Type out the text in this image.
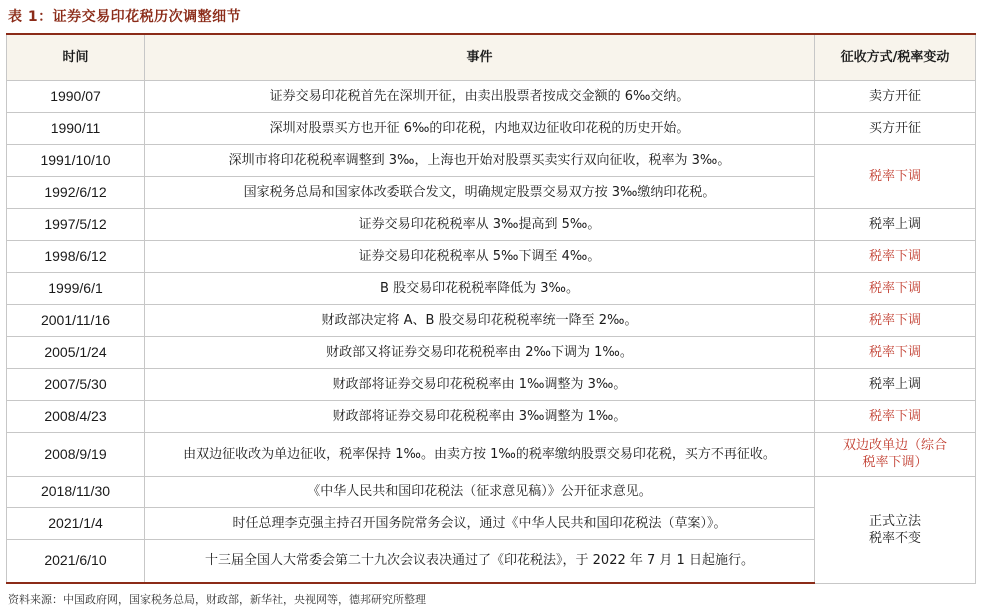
表 1：证券交易印花税历次调整细节
时间	事件	征收方式/税率变动
1990/07	证券交易印花税首先在深圳开征，由卖出股票者按成交金额的 6‰交纳。	卖方开征
1990/11	深圳对股票买方也开征 6‰的印花税，内地双边征收印花税的历史开始。	买方开征
1991/10/10	深圳市将印花税税率调整到 3‰，上海也开始对股票买卖实行双向征收，税率为 3‰。	税率下调
1992/6/12	国家税务总局和国家体改委联合发文，明确规定股票交易双方按 3‰缴纳印花税。	
1997/5/12	证券交易印花税税率从 3‰提高到 5‰。	税率上调
1998/6/12	证券交易印花税税率从 5‰下调至 4‰。	税率下调
1999/6/1	B 股交易印花税税率降低为 3‰。	税率下调
2001/11/16	财政部决定将 A、B 股交易印花税税率统一降至 2‰。	税率下调
2005/1/24	财政部又将证券交易印花税税率由 2‰下调为 1‰。	税率下调
2007/5/30	财政部将证券交易印花税税率由 1‰调整为 3‰。	税率上调
2008/4/23	财政部将证券交易印花税税率由 3‰调整为 1‰。	税率下调
2008/9/19	由双边征收改为单边征收，税率保持 1‰。由卖方按 1‰的税率缴纳股票交易印花税，买方不再征收。	双边改单边（综合税率下调）
2018/11/30	《中华人民共和国印花税法（征求意见稿）》公开征求意见。	正式立法税率不变
2021/1/4	时任总理李克强主持召开国务院常务会议，通过《中华人民共和国印花税法（草案）》。	
2021/6/10	十三届全国人大常委会第二十九次会议表决通过了《印花税法》，于 2022 年 7 月 1 日起施行。	
资料来源：中国政府网，国家税务总局，财政部，新华社，央视网等，德邦研究所整理
